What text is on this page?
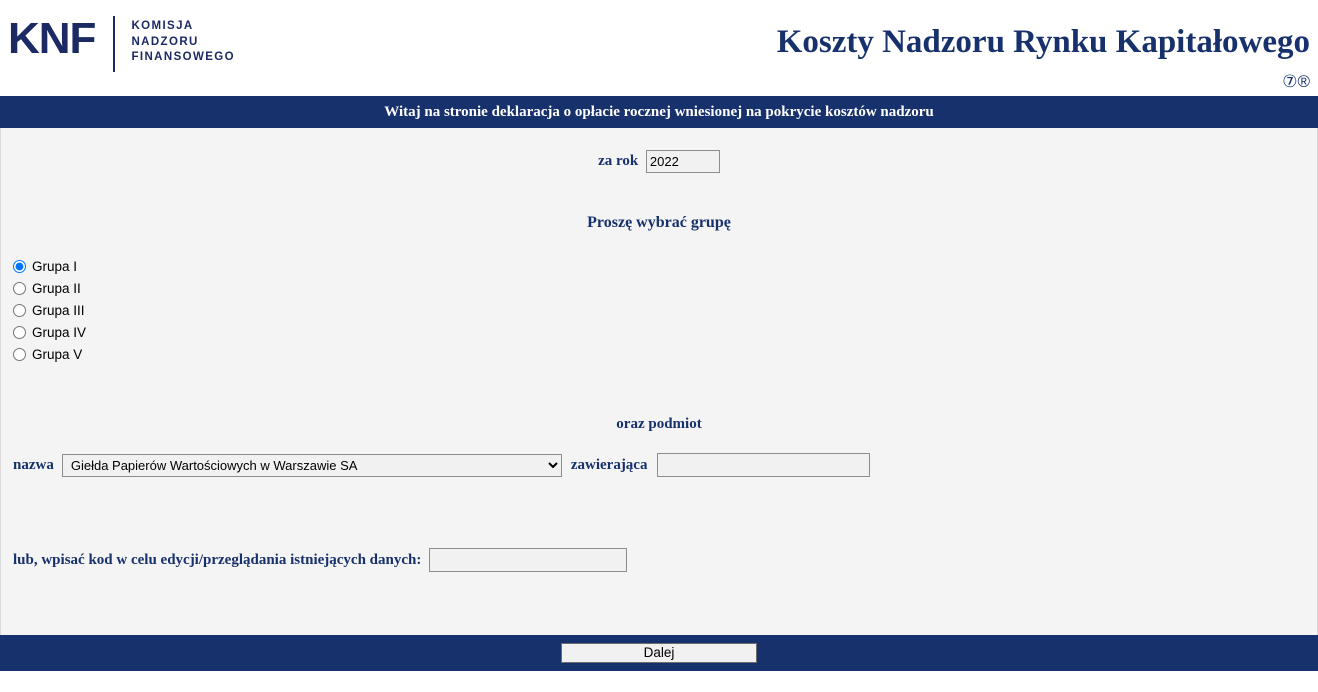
KNF	KOMISJA
NADZORU
FINANSOWEGO	Koszty Nadzoru Rynku Kapitałowego
⑦®
Witaj na stronie deklaracja o opłacie rocznej wniesionej na pokrycie kosztów nadzoru
za rok 2022
Proszę wybrać grupę
Grupa I
Grupa II
Grupa III
Grupa IV
Grupa V
oraz podmiot
nazwa
Giełda Papierów Wartościowych w Warszawie SA	zawierająca
lub, wpisać kod w celu edycji/przeglądania istniejących danych:
Dalej
